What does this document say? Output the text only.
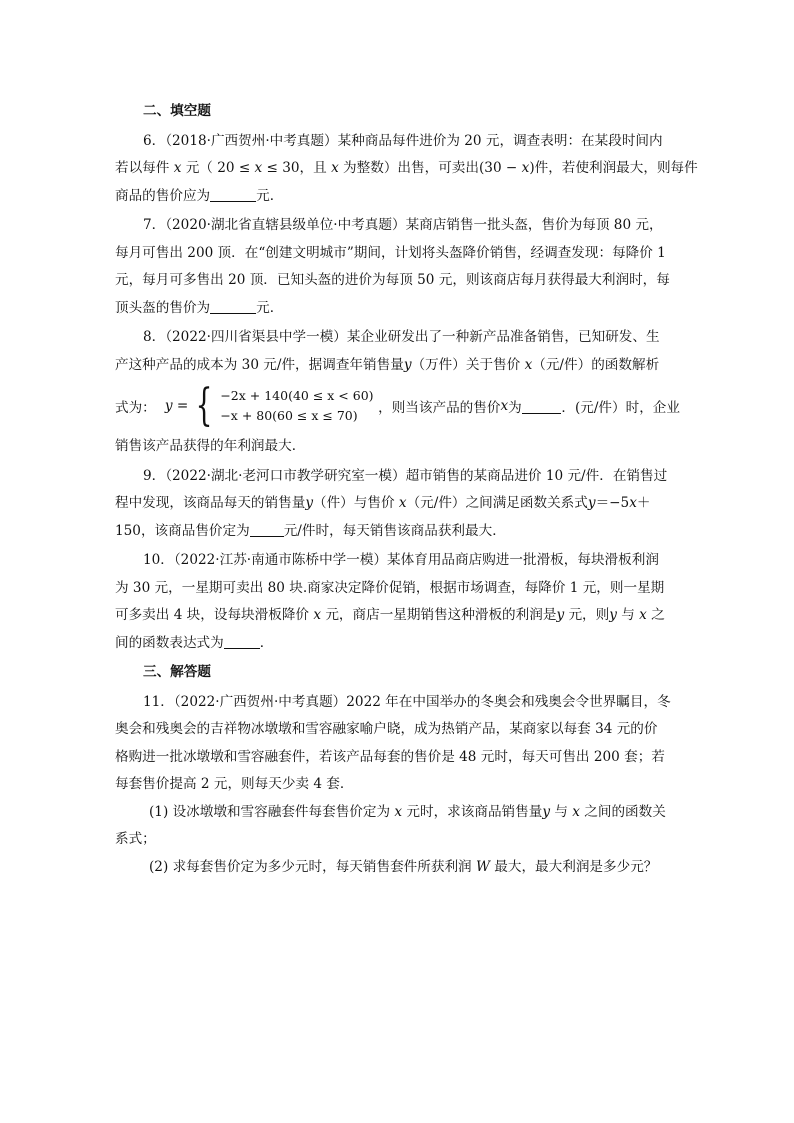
二、填空题
6．（2018·广西贺州·中考真题）某种商品每件进价为 20 元，调查表明：在某段时间内
若以每件 x 元（ 20 ≤ x ≤ 30，且 x 为整数）出售，可卖出(30 − x)件，若使利润最大，则每件
商品的售价应为	元．
7．（2020·湖北省直辖县级单位·中考真题）某商店销售一批头盔，售价为每顶 80 元，
每月可售出 200 顶．在“创建文明城市”期间，计划将头盔降价销售，经调查发现：每降价 1
元，每月可多售出 20 顶．已知头盔的进价为每顶 50 元，则该商店每月获得最大利润时，每
顶头盔的售价为	元．
8．（2022·四川省渠县中学一模）某企业研发出了一种新产品准备销售，已知研发、生
产这种产品的成本为 30 元/件，据调查年销售量y（万件）关于售价 x（元/件）的函数解析
式为： y = { −2x + 140(40 ≤ x < 60)
−x + 80(60 ≤ x ≤ 70)	，则当该产品的售价 x 为	．(元/件）时，企业
销售该产品获得的年利润最大．
9．（2022·湖北·老河口市教学研究室一模）超市销售的某商品进价 10 元/件．在销售过
程中发现，该商品每天的销售量y（件）与售价 x（元/件）之间满足函数关系式y＝−5x＋
150，该商品售价定为	元/件时，每天销售该商品获利最大．
10．（2022·江苏·南通市陈桥中学一模）某体育用品商店购进一批滑板，每块滑板利润
为 30 元，一星期可卖出 80 块.商家决定降价促销，根据市场调查，每降价 1 元，则一星期
可多卖出 4 块，设每块滑板降价 x 元，商店一星期销售这种滑板的利润是y 元，则y 与 x 之
间的函数表达式为	．
三、解答题
11．（2022·广西贺州·中考真题）2022 年在中国举办的冬奥会和残奥会令世界瞩目，冬
奥会和残奥会的吉祥物冰墩墩和雪容融家喻户晓，成为热销产品，某商家以每套 34 元的价
格购进一批冰墩墩和雪容融套件，若该产品每套的售价是 48 元时，每天可售出 200 套；若
每套售价提高 2 元，则每天少卖 4 套．
(1) 设冰墩墩和雪容融套件每套售价定为 x 元时，求该商品销售量y 与 x 之间的函数关
系式；
(2) 求每套售价定为多少元时，每天销售套件所获利润 W 最大，最大利润是多少元？
